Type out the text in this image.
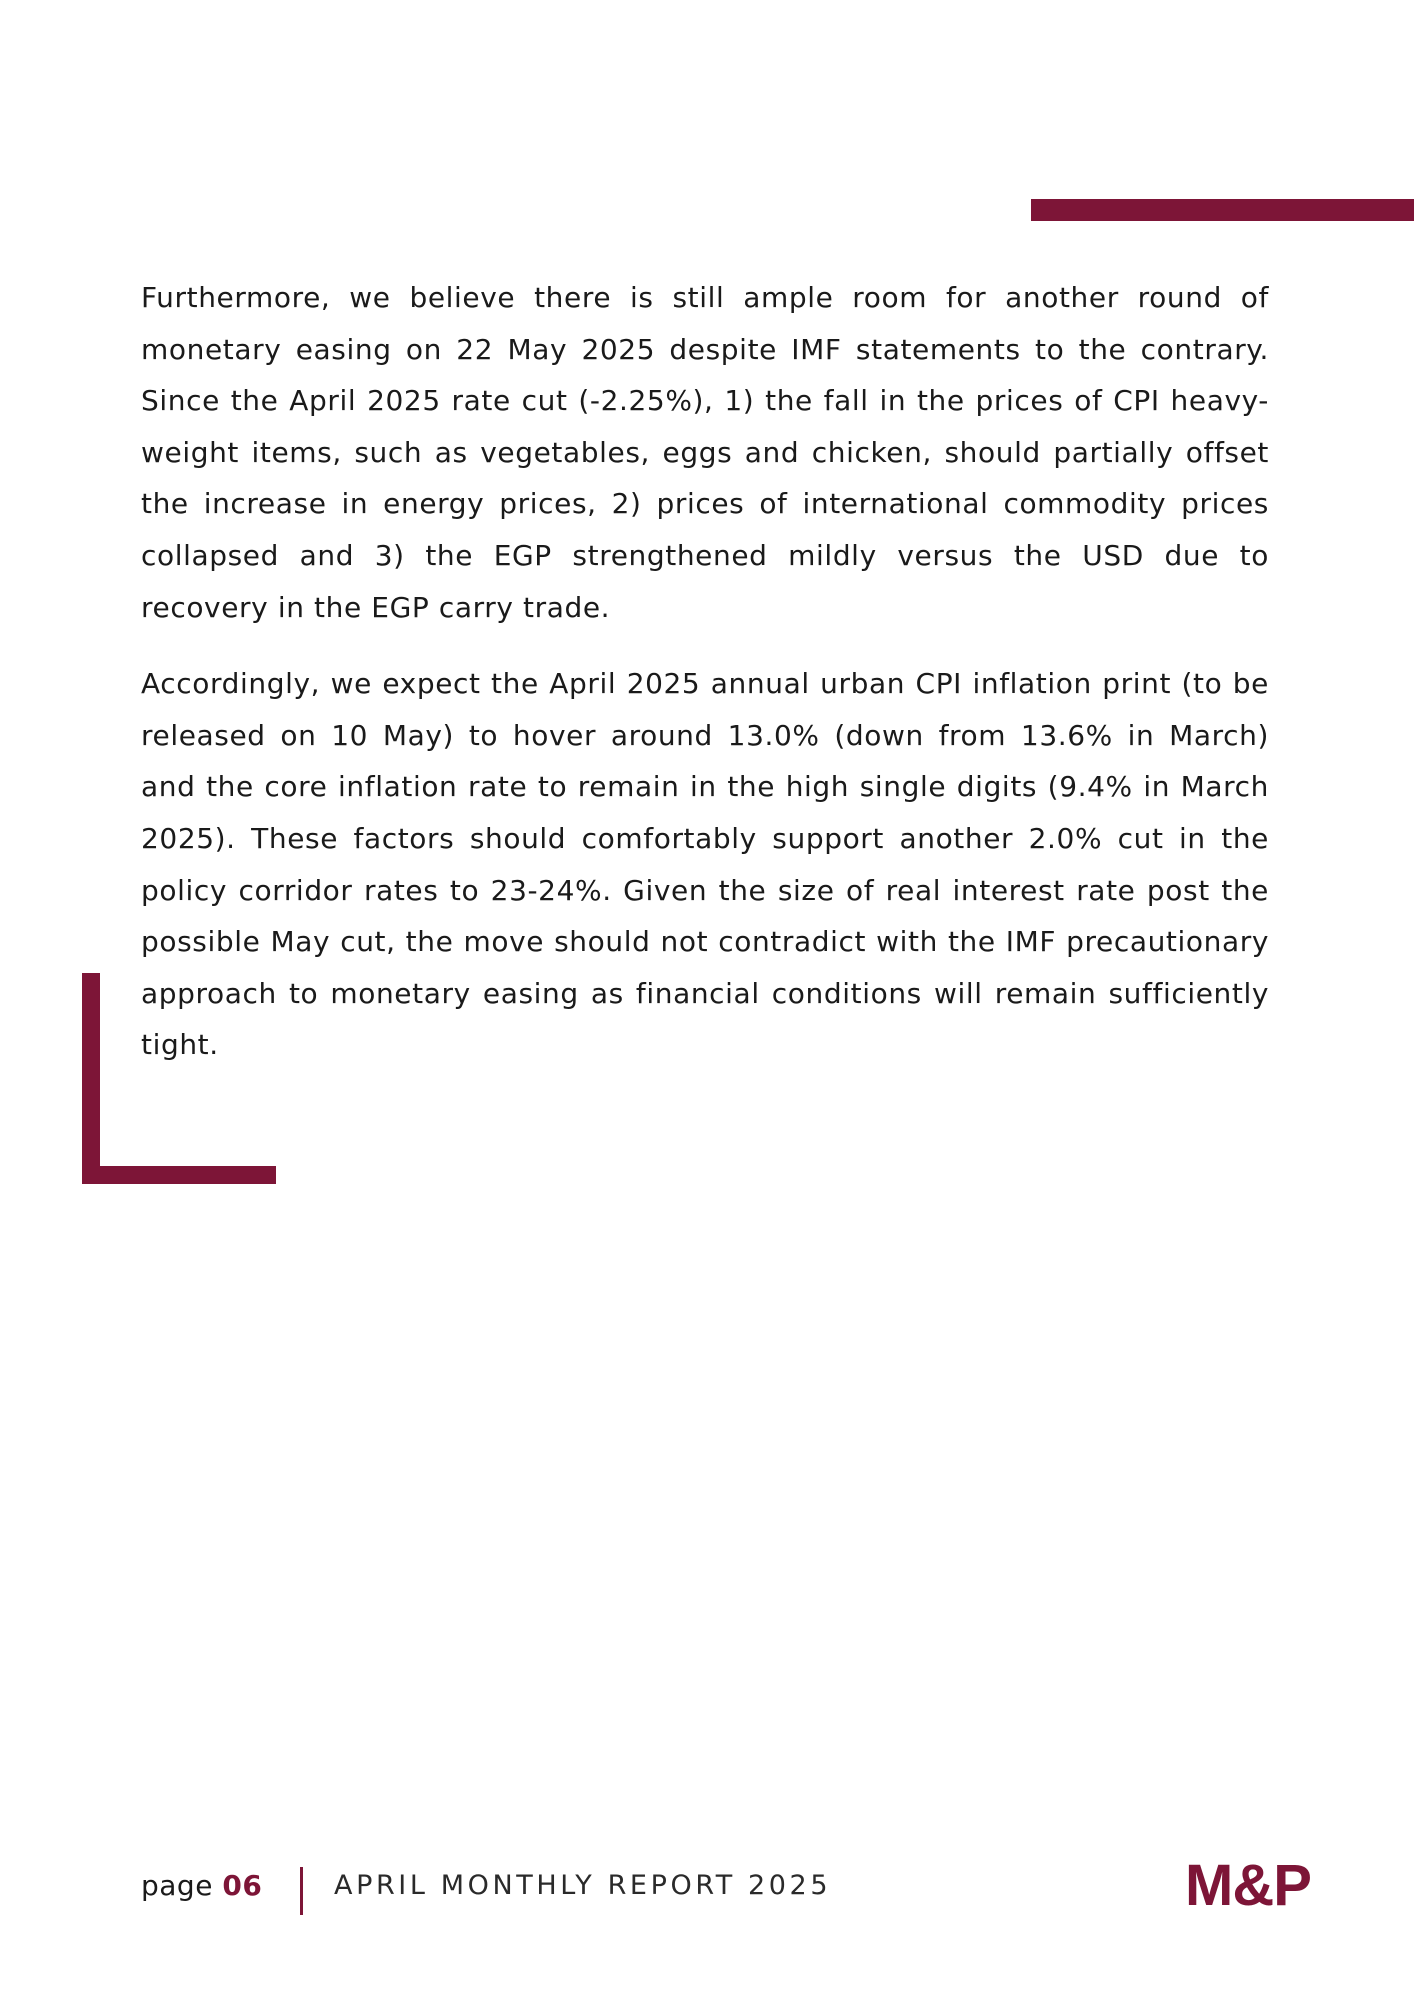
Furthermore, we believe there is still ample room for another round of monetary easing on 22 May 2025 despite IMF statements to the contrary. Since the April 2025 rate cut (-2.25%), 1) the fall in the prices of CPI heavy-weight items, such as vegetables, eggs and chicken, should partially offset the increase in energy prices, 2) prices of international commodity prices collapsed and 3) the EGP strengthened mildly versus the USD due to recovery in the EGP carry trade.

Accordingly, we expect the April 2025 annual urban CPI inflation print (to be released on 10 May) to hover around 13.0% (down from 13.6% in March) and the core inflation rate to remain in the high single digits (9.4% in March 2025). These factors should comfortably support another 2.0% cut in the policy corridor rates to 23-24%. Given the size of real interest rate post the possible May cut, the move should not contradict with the IMF precautionary approach to monetary easing as financial conditions will remain sufficiently tight.

page 06	APRIL MONTHLY REPORT 2025	M&P
